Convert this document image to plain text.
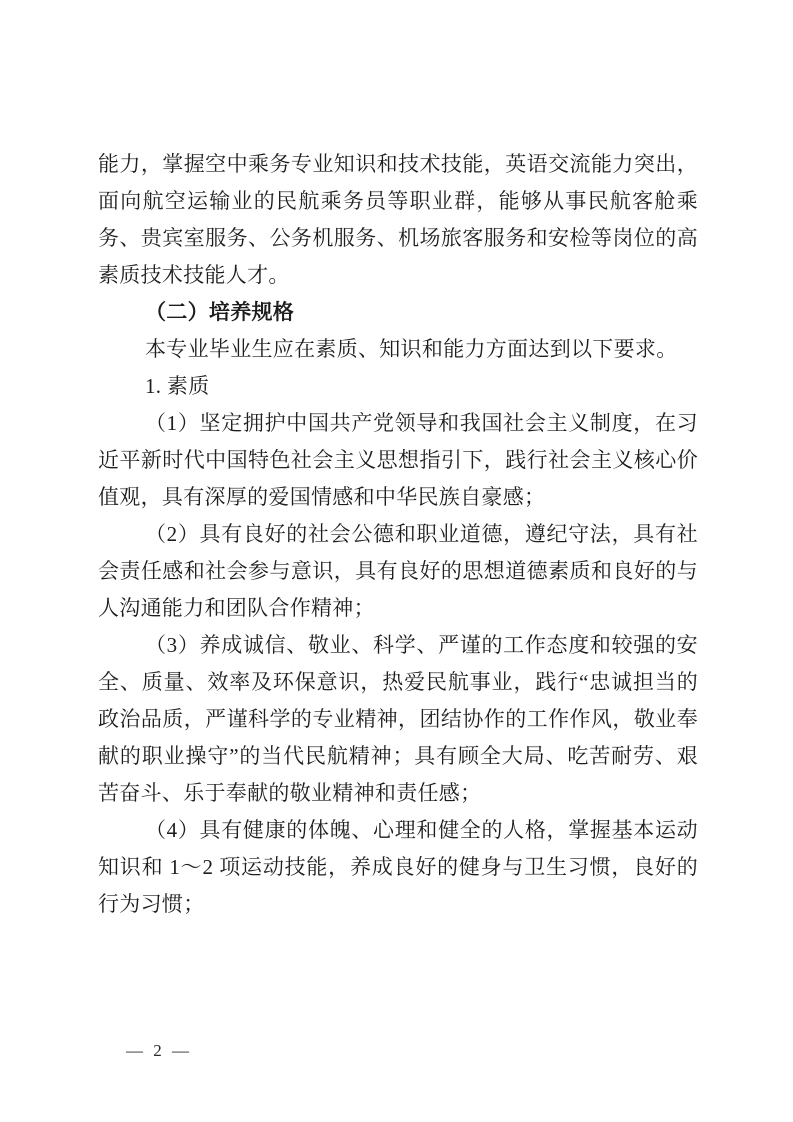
能力，掌握空中乘务专业知识和技术技能，英语交流能力突出，面向航空运输业的民航乘务员等职业群，能够从事民航客舱乘务、贵宾室服务、公务机服务、机场旅客服务和安检等岗位的高素质技术技能人才。

（二）培养规格

本专业毕业生应在素质、知识和能力方面达到以下要求。

1. 素质

（1）坚定拥护中国共产党领导和我国社会主义制度，在习近平新时代中国特色社会主义思想指引下，践行社会主义核心价值观，具有深厚的爱国情感和中华民族自豪感；

（2）具有良好的社会公德和职业道德，遵纪守法，具有社会责任感和社会参与意识，具有良好的思想道德素质和良好的与人沟通能力和团队合作精神；

（3）养成诚信、敬业、科学、严谨的工作态度和较强的安全、质量、效率及环保意识，热爱民航事业，践行“忠诚担当的政治品质，严谨科学的专业精神，团结协作的工作作风，敬业奉献的职业操守”的当代民航精神；具有顾全大局、吃苦耐劳、艰苦奋斗、乐于奉献的敬业精神和责任感；

（4）具有健康的体魄、心理和健全的人格，掌握基本运动知识和 1～2 项运动技能，养成良好的健身与卫生习惯，良好的行为习惯；

— 2 —
